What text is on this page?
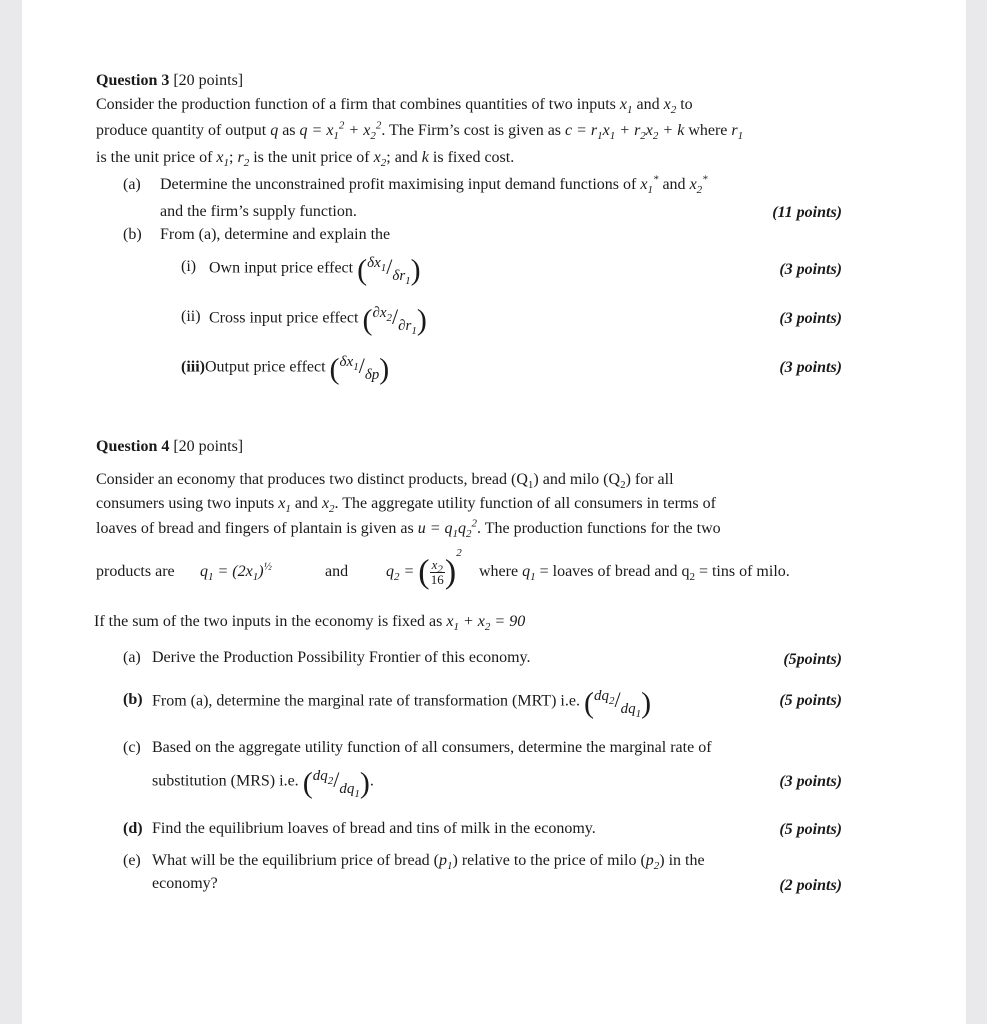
Question 3 [20 points]
Consider the production function of a firm that combines quantities of two inputs $x_1$ and $x_2$ to
produce quantity of output q as $q = x_1^2 + x_2^2$. The Firm’s cost is given as $c = r_1x_1 + r_2x_2 + k$ where $r_1$
is the unit price of $x_1$; $r_2$ is the unit price of $x_2$; and k is fixed cost.
(a) Determine the unconstrained profit maximising input demand functions of $x_1^*$ and $x_2^*$
and the firm’s supply function.	(11 points)
(b) From (a), determine and explain the
(i) Own input price effect $(\delta x_1/\delta r_1)$	(3 points)
(ii) Cross input price effect $(\partial x_2/\partial r_1)$	(3 points)
(iii)Output price effect $(\delta x_1/\delta p)$	(3 points)
Question 4 [20 points]
Consider an economy that produces two distinct products, bread $(Q_1)$ and milo $(Q_2)$ for all
consumers using two inputs $x_1$ and $x_2$. The aggregate utility function of all consumers in terms of
loaves of bread and fingers of plantain is given as $u = q_1q_2^2$. The production functions for the two
products are $q_1 = (2x_1)^{\frac{1}{2}}$	and $q_2$ = ( $\frac{x_2}{16} )^2$
where $q_1$ = loaves of bread and $q_2$ = tins of milo.
If the sum of the two inputs in the economy is fixed as $x_1 + x_2 = 90$
(a) Derive the Production Possibility Frontier of this economy.	(5points)
(b) From (a), determine the marginal rate of transformation (MRT) i.e. $(dq_2/dq_1)$	(5 points)
(c) Based on the aggregate utility function of all consumers, determine the marginal rate of
substitution (MRS) i.e. $(dq_2/dq_1)$.	(3 points)
(d) Find the equilibrium loaves of bread and tins of milk in the economy.	(5 points)
(e) What will be the equilibrium price of bread $(p_1)$ relative to the price of milo $(p_2)$ in the
economy?	(2 points)
